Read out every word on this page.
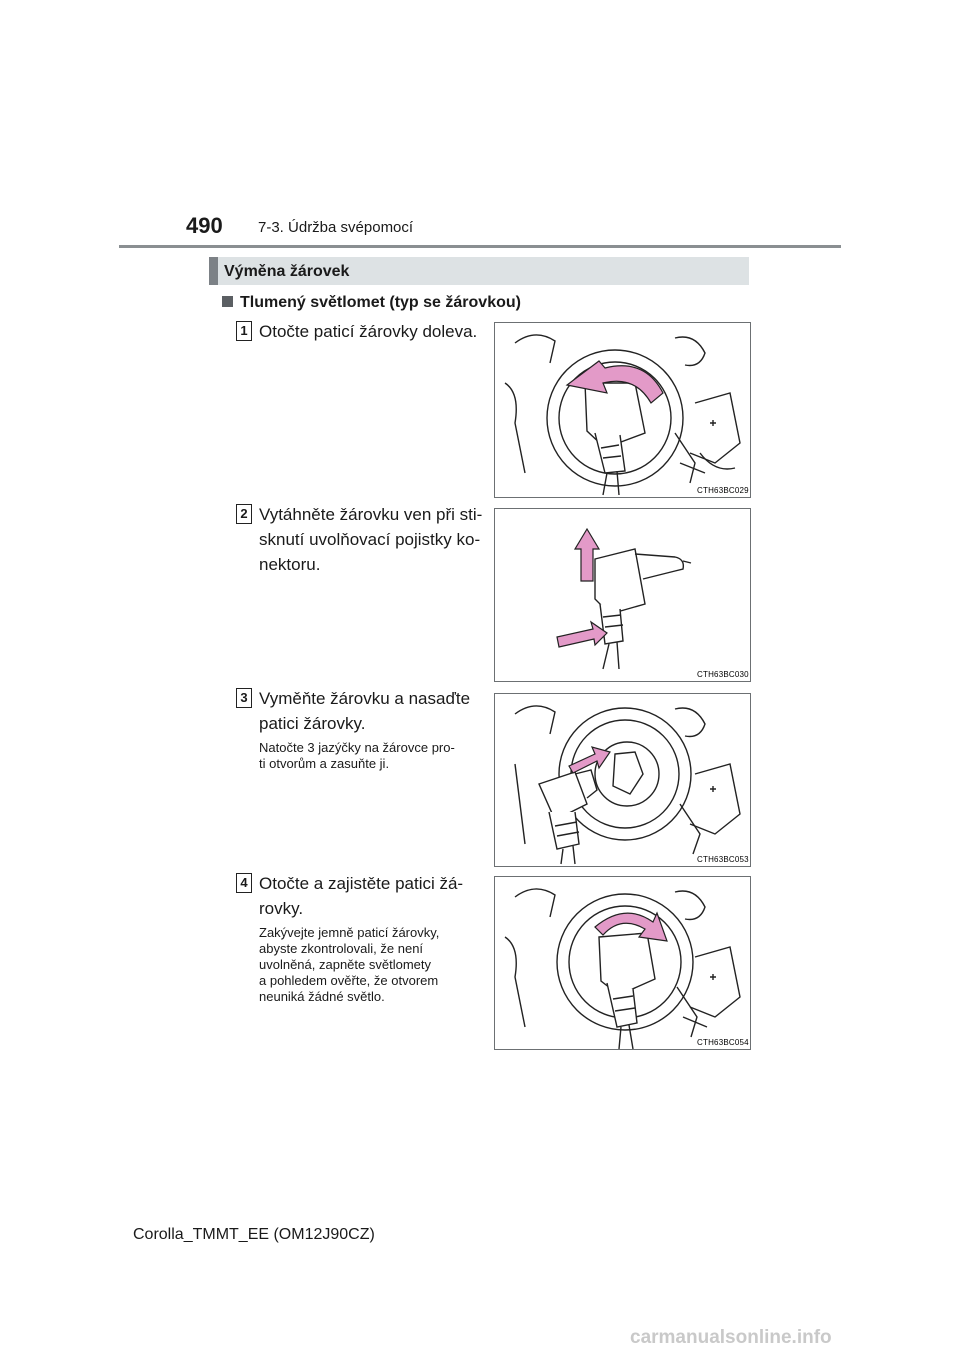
490 7-3. Údržba svépomocí
Výměna žárovek
Tlumený světlomet (typ se žárovkou)
1 Otočte paticí žárovky doleva.
CTH63BC029
2 Vytáhněte žárovku ven při sti-
sknutí uvolňovací pojistky ko-
nektoru.
CTH63BC030
3 Vyměňte žárovku a nasaďte
patici žárovky.
Natočte 3 jazýčky na žárovce pro-
ti otvorům a zasuňte ji.
CTH63BC053
4 Otočte a zajistěte patici žá-
rovky.
Zakývejte jemně paticí žárovky,
abyste zkontrolovali, že není
uvolněná, zapněte světlomety
a pohledem ověřte, že otvorem
neuniká žádné světlo.
CTH63BC054
Corolla_TMMT_EE (OM12J90CZ)
carmanualsonline.info
